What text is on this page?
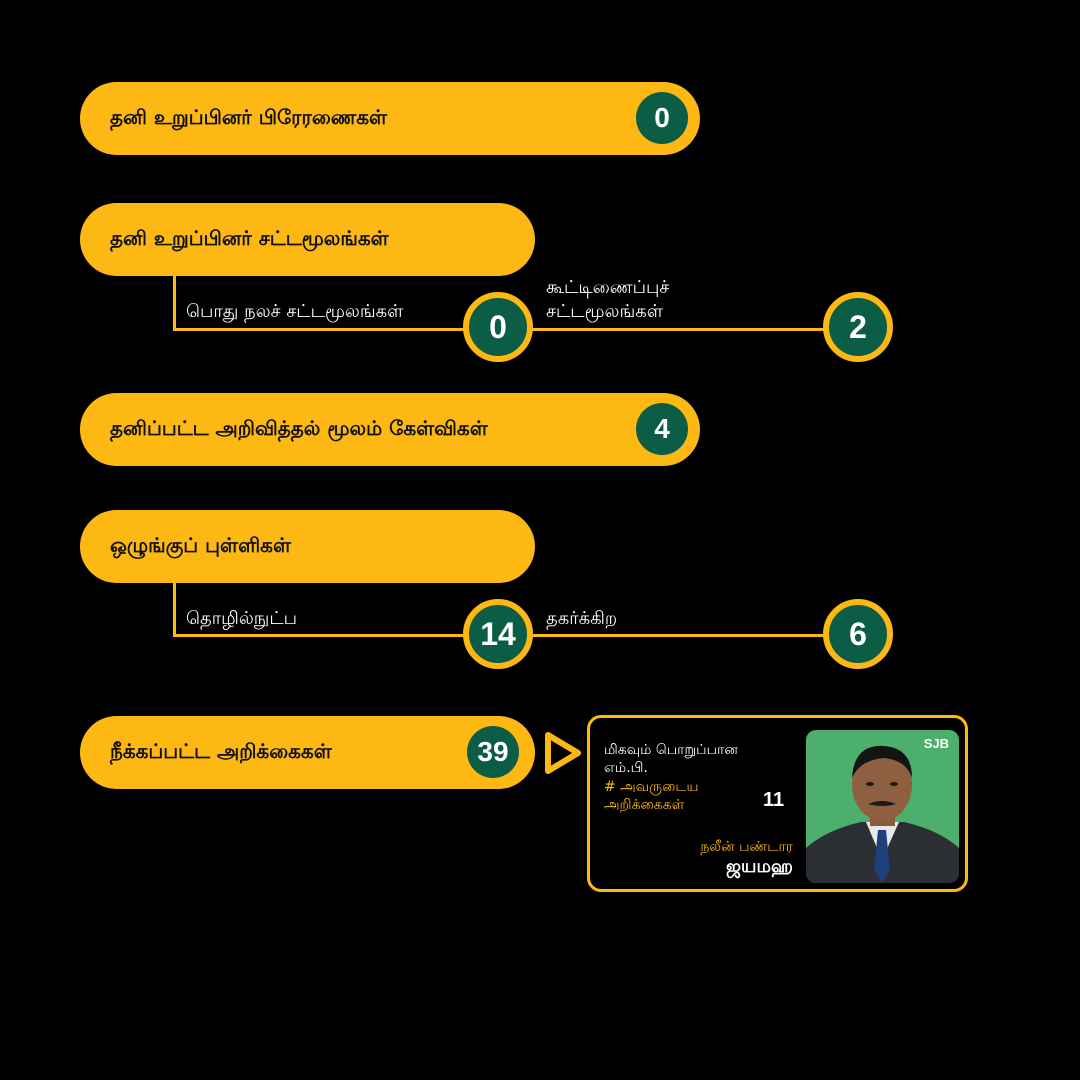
தனி உறுப்பினர் பிரேரணைகள்	0
தனி உறுப்பினர் சட்டமூலங்கள்
பொது நலச் சட்டமூலங்கள்	0
கூட்டிணைப்புச்
சட்டமூலங்கள்	2
தனிப்பட்ட அறிவித்தல் மூலம் கேள்விகள்	4
ஒழுங்குப் புள்ளிகள்
தொழில்நுட்ப	14	தகர்க்கிற	6
நீக்கப்பட்ட அறிக்கைகள்	39	மிகவும் பொறுப்பான
எம்.பி.
# அவருடைய
அறிக்கைகள்	11
நலீன் பண்டார
ஜயமஹ
SJB
